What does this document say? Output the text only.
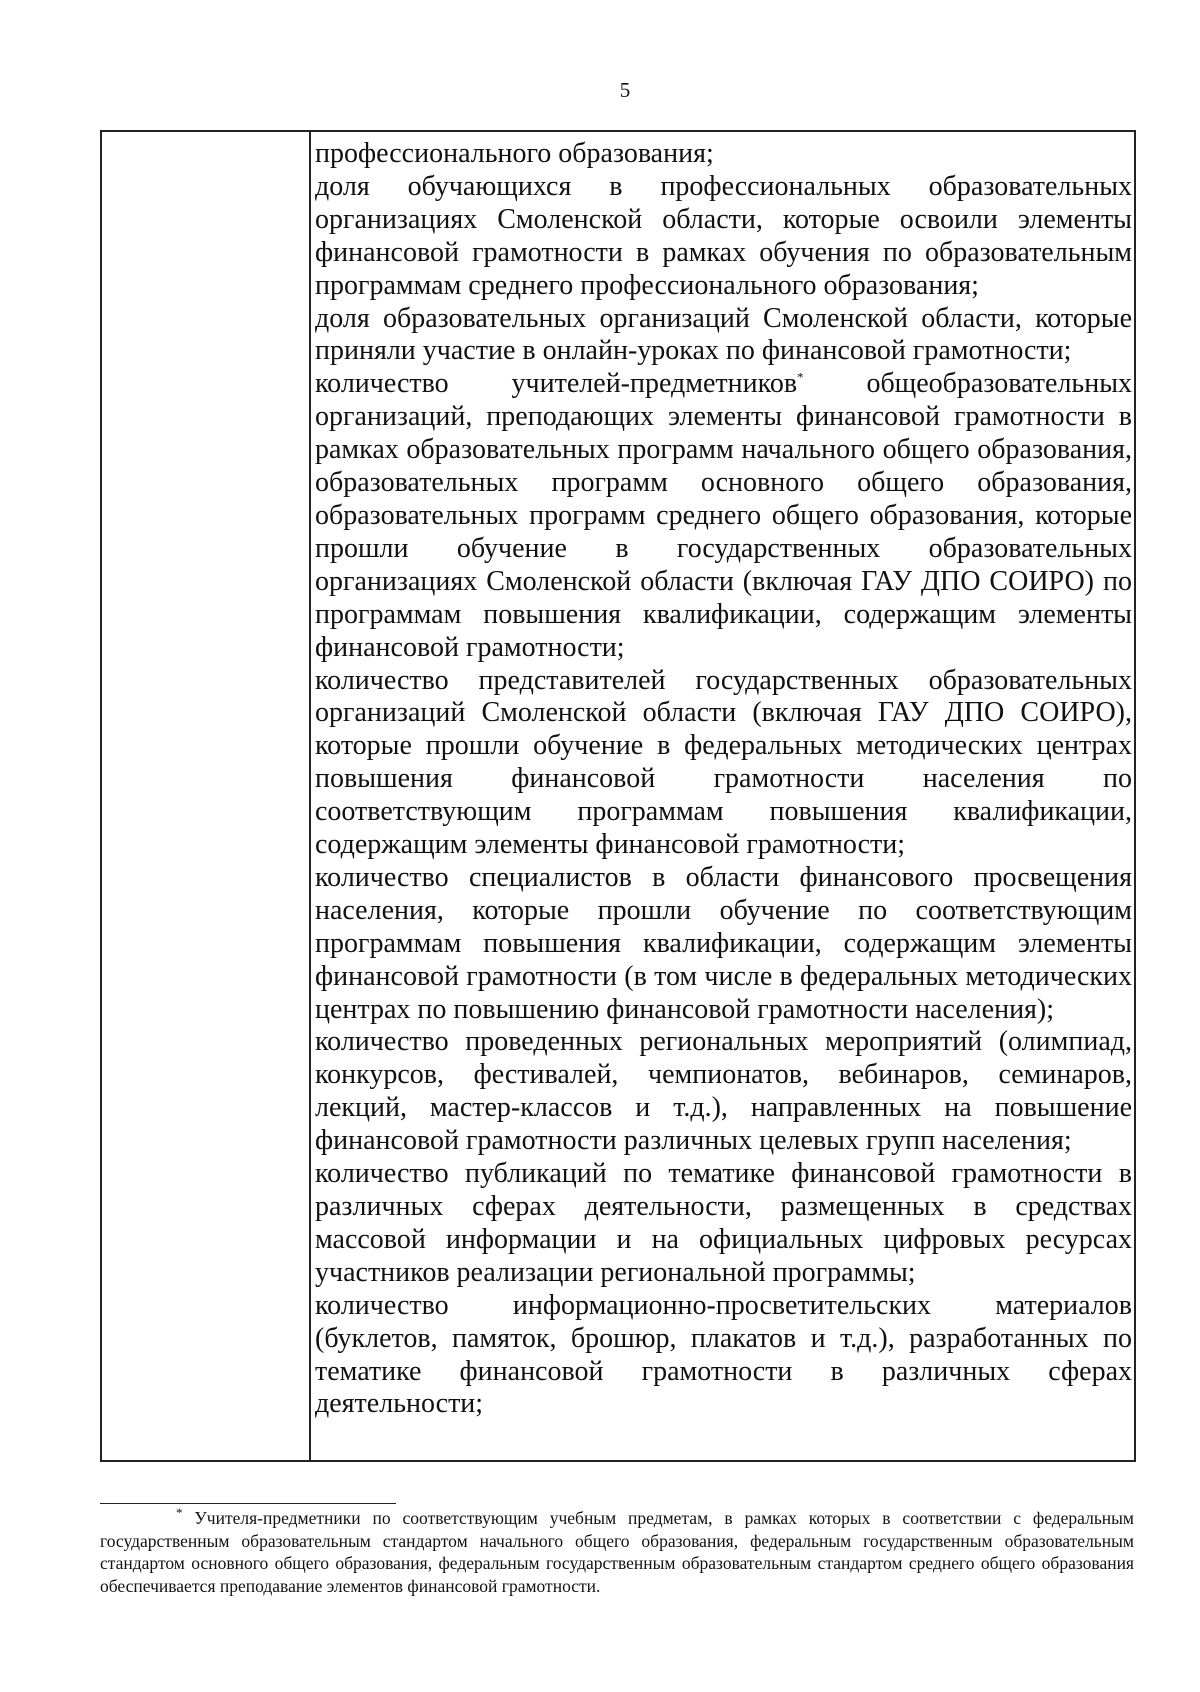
5

профессионального образования;

доля обучающихся в профессиональных образовательных организациях Смоленской области, которые освоили элементы финансовой грамотности в рамках обучения по образовательным программам среднего профессионального образования;

доля образовательных организаций Смоленской области, которые приняли участие в онлайн-уроках по финансовой грамотности;

количество учителей-предметников* общеобразовательных организаций, преподающих элементы финансовой грамотности в рамках образовательных программ начального общего образования, образовательных программ основного общего образования, образовательных программ среднего общего образования, которые прошли обучение в государственных образовательных организациях Смоленской области (включая ГАУ ДПО СОИРО) по программам повышения квалификации, содержащим элементы финансовой грамотности;

количество представителей государственных образовательных организаций Смоленской области (включая ГАУ ДПО СОИРО), которые прошли обучение в федеральных методических центрах повышения финансовой грамотности населения по соответствующим программам повышения квалификации, содержащим элементы финансовой грамотности;

количество специалистов в области финансового просвещения населения, которые прошли обучение по соответствующим программам повышения квалификации, содержащим элементы финансовой грамотности (в том числе в федеральных методических центрах по повышению финансовой грамотности населения);

количество проведенных региональных мероприятий (олимпиад, конкурсов, фестивалей, чемпионатов, вебинаров, семинаров, лекций, мастер-классов и т.д.), направленных на повышение финансовой грамотности различных целевых групп населения;

количество публикаций по тематике финансовой грамотности в различных сферах деятельности, размещенных в средствах массовой информации и на официальных цифровых ресурсах участников реализации региональной программы;

количество информационно-просветительских материалов (буклетов, памяток, брошюр, плакатов и т.д.), разработанных по тематике финансовой грамотности в различных сферах деятельности;

* Учителя-предметники по соответствующим учебным предметам, в рамках которых в соответствии с федеральным государственным образовательным стандартом начального общего образования, федеральным государственным образовательным стандартом основного общего образования, федеральным государственным образовательным стандартом среднего общего образования обеспечивается преподавание элементов финансовой грамотности.
